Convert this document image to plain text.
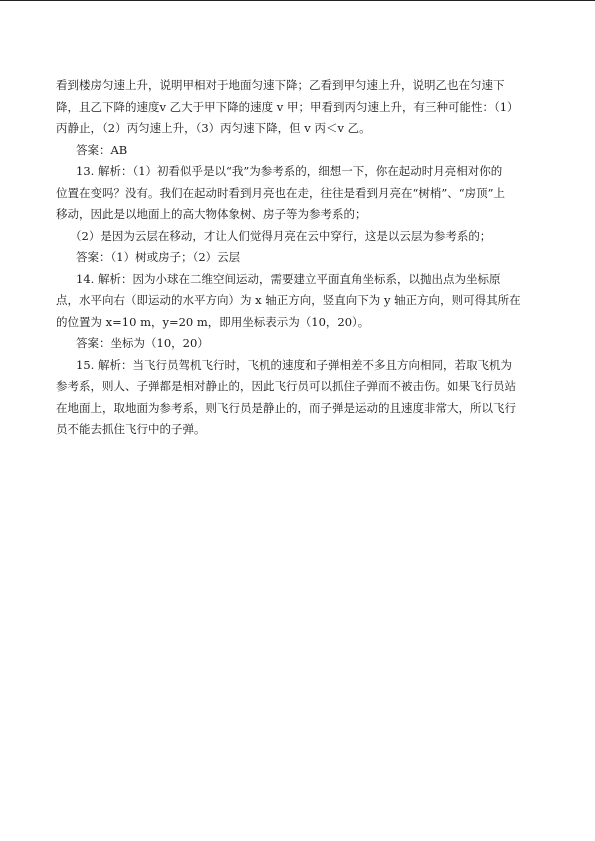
看到楼房匀速上升，说明甲相对于地面匀速下降；乙看到甲匀速上升，说明乙也在匀速下
降，且乙下降的速度v 乙大于甲下降的速度 v 甲；甲看到丙匀速上升，有三种可能性：（1）
丙静止，（2）丙匀速上升，（3）丙匀速下降，但 v 丙＜v 乙。
答案：AB
13. 解析：（1）初看似乎是以“我”为参考系的，细想一下，你在起动时月亮相对你的
位置在变吗？没有。我们在起动时看到月亮也在走，往往是看到月亮在“树梢”、“房顶”上
移动，因此是以地面上的高大物体象树、房子等为参考系的；
（2）是因为云层在移动，才让人们觉得月亮在云中穿行，这是以云层为参考系的；
答案：（1）树或房子；（2）云层
14. 解析：因为小球在二维空间运动，需要建立平面直角坐标系，以抛出点为坐标原
点，水平向右（即运动的水平方向）为 x 轴正方向，竖直向下为 y 轴正方向，则可得其所在
的位置为 x=10 m，y=20 m，即用坐标表示为（10，20）。
答案：坐标为（10，20）
15. 解析：当飞行员驾机飞行时，飞机的速度和子弹相差不多且方向相同，若取飞机为
参考系，则人、子弹都是相对静止的，因此飞行员可以抓住子弹而不被击伤。如果飞行员站
在地面上，取地面为参考系，则飞行员是静止的，而子弹是运动的且速度非常大，所以飞行
员不能去抓住飞行中的子弹。
